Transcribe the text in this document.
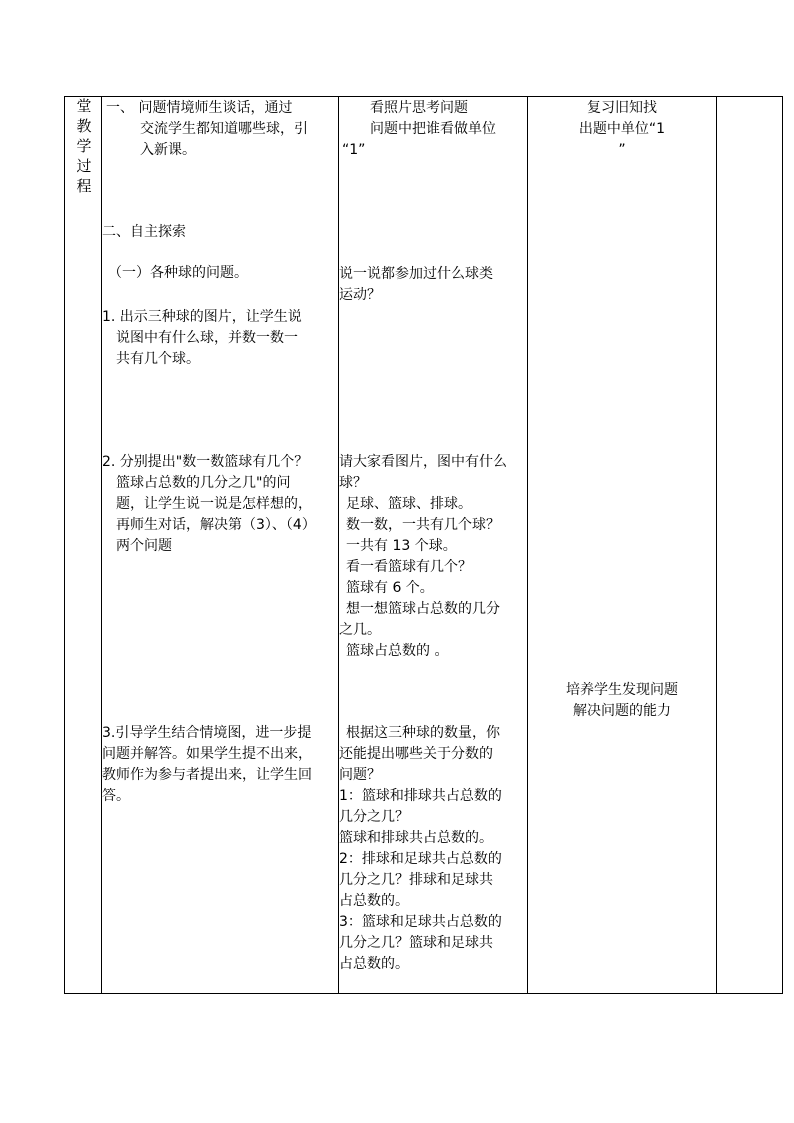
堂
教
学
过
程
一、 问题情境师生谈话，通过
交流学生都知道哪些球，引
入新课。
二、自主探索
（一）各种球的问题。
1. 出示三种球的图片，让学生说
说图中有什么球，并数一数一
共有几个球。
2. 分别提出"数一数篮球有几个？
篮球占总数的几分之几"的问
题，让学生说一说是怎样想的，
再师生对话，解决第（3）、（4）
两个问题
3.引导学生结合情境图，进一步提
问题并解答。如果学生提不出来，
教师作为参与者提出来，让学生回
答。
看照片思考问题
问题中把谁看做单位
“1”
说一说都参加过什么球类
运动？
请大家看图片，图中有什么
球？
足球、篮球、排球。
数一数，一共有几个球？
一共有 13 个球。
看一看篮球有几个？
篮球有 6 个。
想一想篮球占总数的几分
之几。
篮球占总数的 。
根据这三种球的数量，你
还能提出哪些关于分数的
问题？
1：篮球和排球共占总数的
几分之几？
篮球和排球共占总数的。
2：排球和足球共占总数的
几分之几？排球和足球共
占总数的。
3：篮球和足球共占总数的
几分之几？篮球和足球共
占总数的。
复习旧知找
出题中单位“1
”
培养学生发现问题
解决问题的能力
